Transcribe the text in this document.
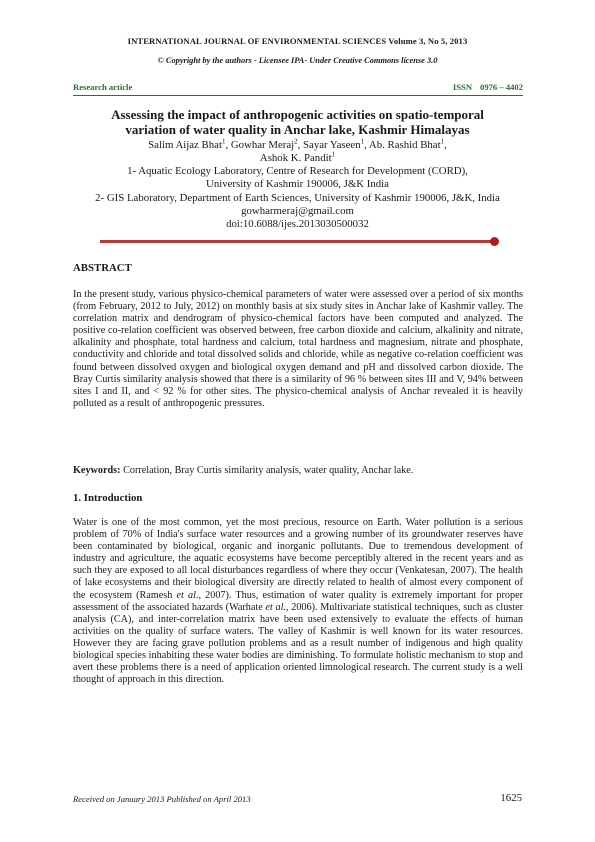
INTERNATIONAL JOURNAL OF ENVIRONMENTAL SCIENCES Volume 3, No 5, 2013
© Copyright by the authors - Licensee IPA- Under Creative Commons license 3.0
Research article	ISSN 0976 – 4402
Assessing the impact of anthropogenic activities on spatio-temporal
variation of water quality in Anchar lake, Kashmir Himalayas
Salim Aijaz Bhat$^1$, Gowhar Meraj$^2$, Sayar Yaseen$^1$, Ab. Rashid Bhat$^1$,
Ashok K. Pandit$^1$
1- Aquatic Ecology Laboratory, Centre of Research for Development (CORD),
University of Kashmir 190006, J&K India
2- GIS Laboratory, Department of Earth Sciences, University of Kashmir 190006, J&K, India
gowharmeraj@gmail.com
doi:10.6088/ijes.2013030500032
ABSTRACT
In the present study, various physico-chemical parameters of water were assessed over a period of six months (from February, 2012 to July, 2012) on monthly basis at six study sites in Anchar lake of Kashmir valley. The correlation matrix and dendrogram of physico-chemical factors have been computed and analyzed. The positive co-relation coefficient was observed between, free carbon dioxide and calcium, alkalinity and nitrate, alkalinity and phosphate, total hardness and calcium, total hardness and magnesium, nitrate and phosphate, conductivity and chloride and total dissolved solids and chloride, while as negative co-relation coefficient was found between dissolved oxygen and biological oxygen demand and pH and dissolved carbon dioxide. The Bray Curtis similarity analysis showed that there is a similarity of 96 % between sites III and V, 94% between sites I and II, and < 92 % for other sites. The physico-chemical analysis of Anchar revealed it is heavily polluted as a result of anthropogenic pressures.
Keywords: Correlation, Bray Curtis similarity analysis, water quality, Anchar lake.
1. Introduction
Water is one of the most common, yet the most precious, resource on Earth. Water pollution is a serious problem of 70% of India's surface water resources and a growing number of its groundwater reserves have been contaminated by biological, organic and inorganic pollutants. Due to tremendous development of industry and agriculture, the aquatic ecosystems have become perceptibly altered in the recent years and as such they are exposed to all local disturbances regardless of where they occur (Venkatesan, 2007). The health of lake ecosystems and their biological diversity are directly related to health of almost every component of the ecosystem (Ramesh et al., 2007). Thus, estimation of water quality is extremely important for proper assessment of the associated hazards (Warhate et al., 2006). Multivariate statistical techniques, such as cluster analysis (CA), and inter-correlation matrix have been used extensively to evaluate the effects of human activities on the quality of surface waters. The valley of Kashmir is well known for its water resources. However they are facing grave pollution problems and as a result number of indigenous and high quality biological species inhabiting these water bodies are diminishing. To formulate holistic mechanism to stop and avert these problems there is a need of application oriented limnological research. The current study is a well thought of approach in this direction.
Received on January 2013 Published on April 2013	1625
